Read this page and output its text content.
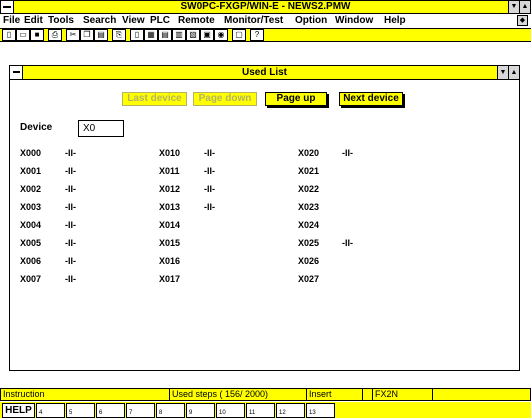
SW0PC-FXGP/WIN-E - NEWS2.PMW	▼ ▲
File Edit Tools Search View PLC Remote Monitor/Test Option Window Help	◆
▯	▭ ■	⎙	✂ ❐ ▤	⎘	▯	▦ ▤ ▥ ▧ ▣ ◉	▢	?
Used List	▼ ▲
Device	X0
Last device	Page down	Page up	Next device
X000	-II-
X001	-II-
X002	-II-
X003	-II-
X004	-II-
X005	-II-
X006	-II-
X007	-II-
X010	-II-
X011	-II-
X012	-II-
X013	-II-
X014
X015
X016
X017
X020	-II-
X021
X022
X023
X024
X025	-II-
X026
X027
Instruction	Used steps ( 156/ 2000)	Insert	FX2N
HELP	4	5	6	7	8	9	10	11	12	13
